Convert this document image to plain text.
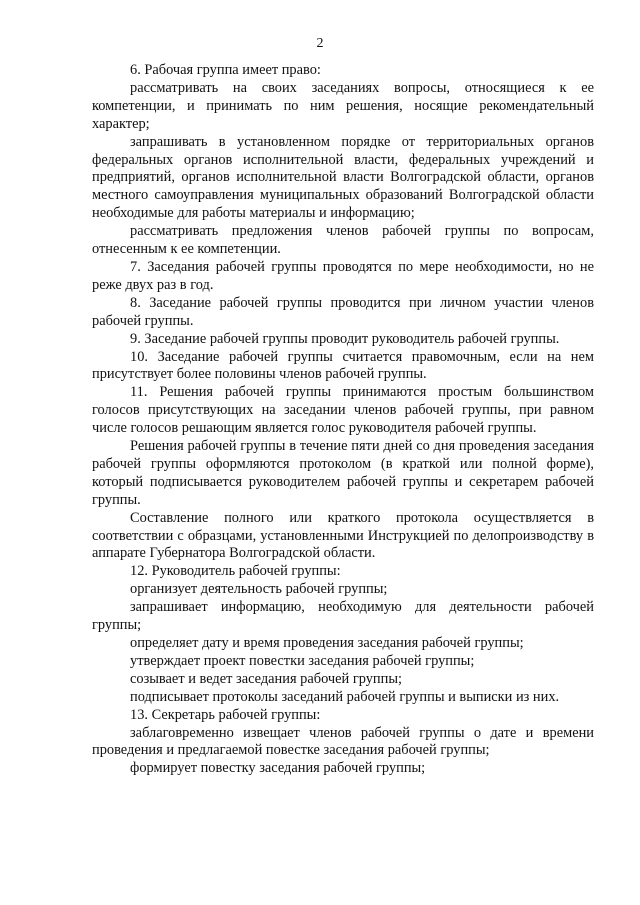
2

6. Рабочая группа имеет право:

рассматривать на своих заседаниях вопросы, относящиеся к ее компетенции, и принимать по ним решения, носящие рекомендательный характер;

запрашивать в установленном порядке от территориальных органов федеральных органов исполнительной власти, федеральных учреждений и предприятий, органов исполнительной власти Волгоградской области, органов местного самоуправления муниципальных образований Волгоградской области необходимые для работы материалы и информацию;

рассматривать предложения членов рабочей группы по вопросам, отнесенным к ее компетенции.

7. Заседания рабочей группы проводятся по мере необходимости, но не реже двух раз в год.

8. Заседание рабочей группы проводится при личном участии членов рабочей группы.

9. Заседание рабочей группы проводит руководитель рабочей группы.

10. Заседание рабочей группы считается правомочным, если на нем присутствует более половины членов рабочей группы.

11. Решения рабочей группы принимаются простым большинством голосов присутствующих на заседании членов рабочей группы, при равном числе голосов решающим является голос руководителя рабочей группы.

Решения рабочей группы в течение пяти дней со дня проведения заседания рабочей группы оформляются протоколом (в краткой или полной форме), который подписывается руководителем рабочей группы и секретарем рабочей группы.

Составление полного или краткого протокола осуществляется в соответствии с образцами, установленными Инструкцией по делопроизводству в аппарате Губернатора Волгоградской области.

12. Руководитель рабочей группы:

организует деятельность рабочей группы;

запрашивает информацию, необходимую для деятельности рабочей группы;

определяет дату и время проведения заседания рабочей группы;

утверждает проект повестки заседания рабочей группы;

созывает и ведет заседания рабочей группы;

подписывает протоколы заседаний рабочей группы и выписки из них.

13. Секретарь рабочей группы:

заблаговременно извещает членов рабочей группы о дате и времени проведения и предлагаемой повестке заседания рабочей группы;

формирует повестку заседания рабочей группы;
